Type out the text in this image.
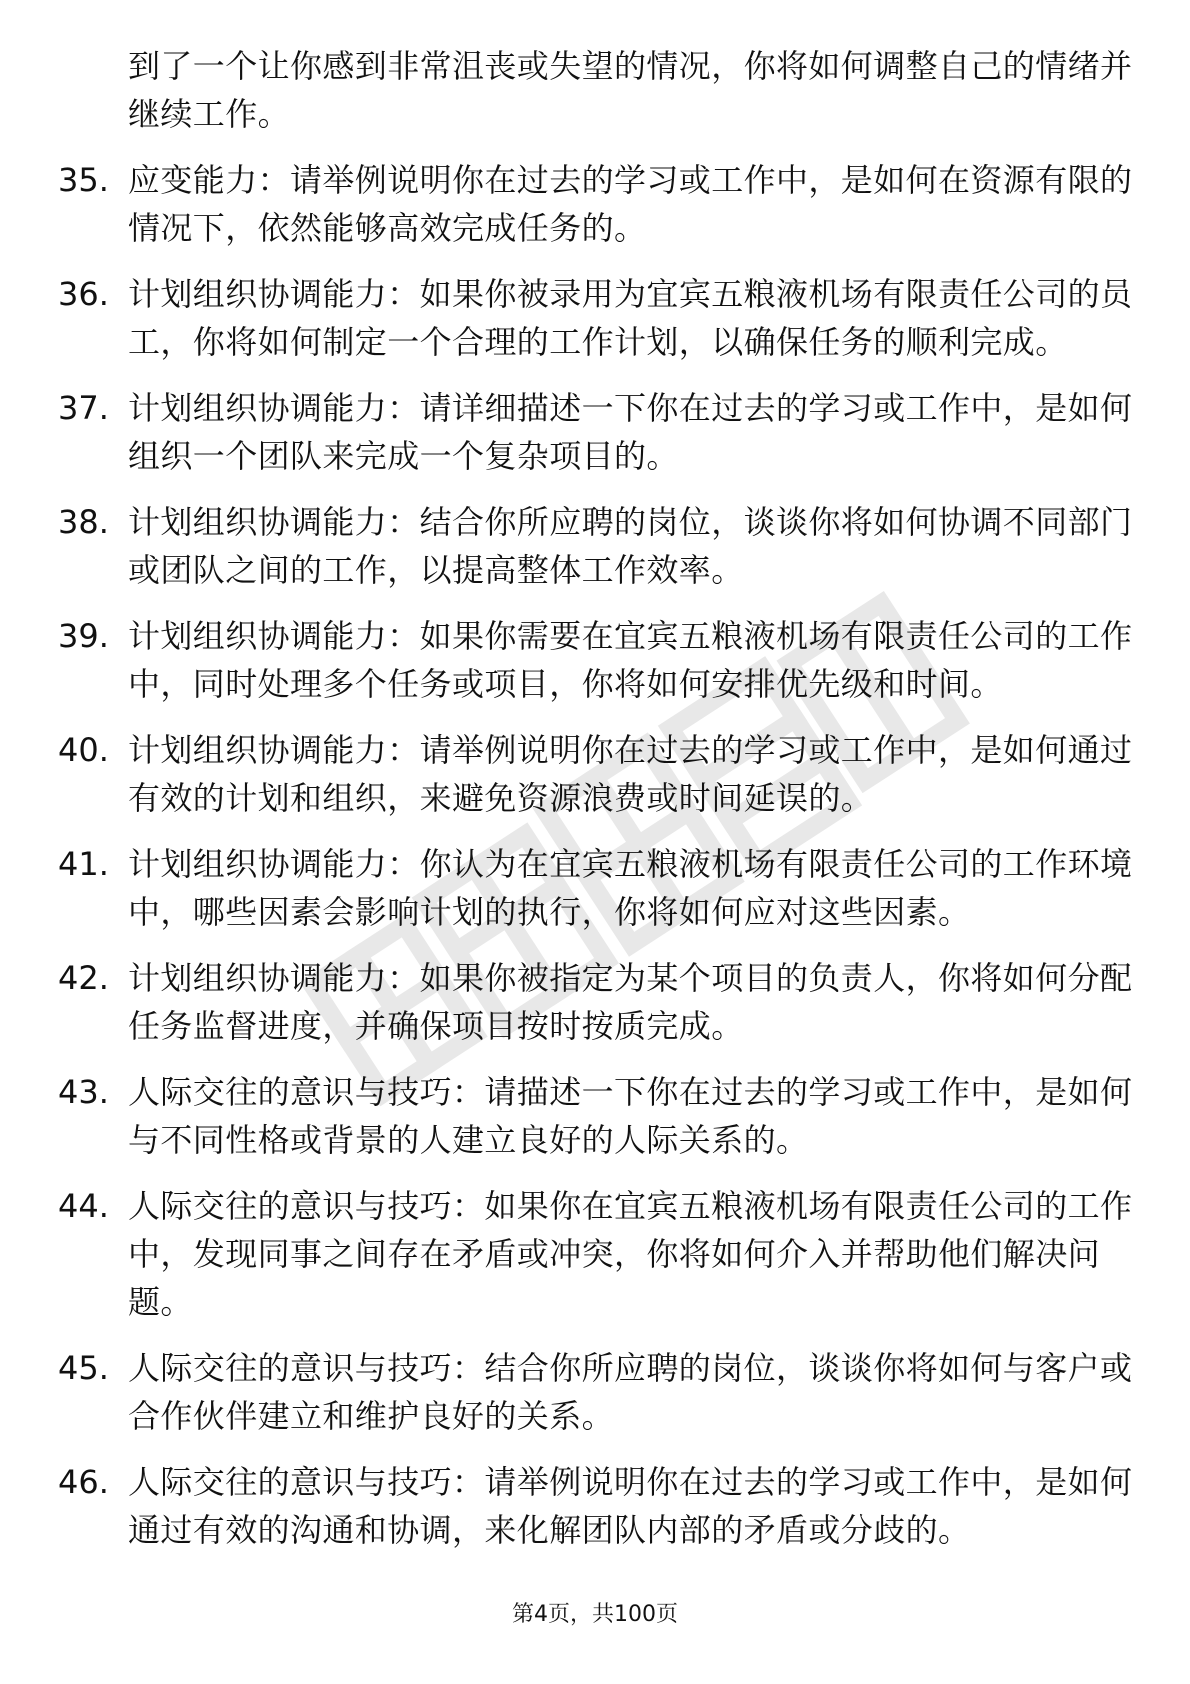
到了一个让你感到非常沮丧或失望的情况，你将如何调整自己的情绪并继续工作。
35. 应变能力：请举例说明你在过去的学习或工作中，是如何在资源有限的情况下，依然能够高效完成任务的。
36. 计划组织协调能力：如果你被录用为宜宾五粮液机场有限责任公司的员工，你将如何制定一个合理的工作计划，以确保任务的顺利完成。
37. 计划组织协调能力：请详细描述一下你在过去的学习或工作中，是如何组织一个团队来完成一个复杂项目的。
38. 计划组织协调能力：结合你所应聘的岗位，谈谈你将如何协调不同部门或团队之间的工作，以提高整体工作效率。
39. 计划组织协调能力：如果你需要在宜宾五粮液机场有限责任公司的工作中，同时处理多个任务或项目，你将如何安排优先级和时间。
40. 计划组织协调能力：请举例说明你在过去的学习或工作中，是如何通过有效的计划和组织，来避免资源浪费或时间延误的。
41. 计划组织协调能力：你认为在宜宾五粮液机场有限责任公司的工作环境中，哪些因素会影响计划的执行，你将如何应对这些因素。
42. 计划组织协调能力：如果你被指定为某个项目的负责人，你将如何分配任务监督进度，并确保项目按时按质完成。
43. 人际交往的意识与技巧：请描述一下你在过去的学习或工作中，是如何与不同性格或背景的人建立良好的人际关系的。
44. 人际交往的意识与技巧：如果你在宜宾五粮液机场有限责任公司的工作中，发现同事之间存在矛盾或冲突，你将如何介入并帮助他们解决问题。
45. 人际交往的意识与技巧：结合你所应聘的岗位，谈谈你将如何与客户或合作伙伴建立和维护良好的关系。
46. 人际交往的意识与技巧：请举例说明你在过去的学习或工作中，是如何通过有效的沟通和协调，来化解团队内部的矛盾或分歧的。
第4页，共100页
